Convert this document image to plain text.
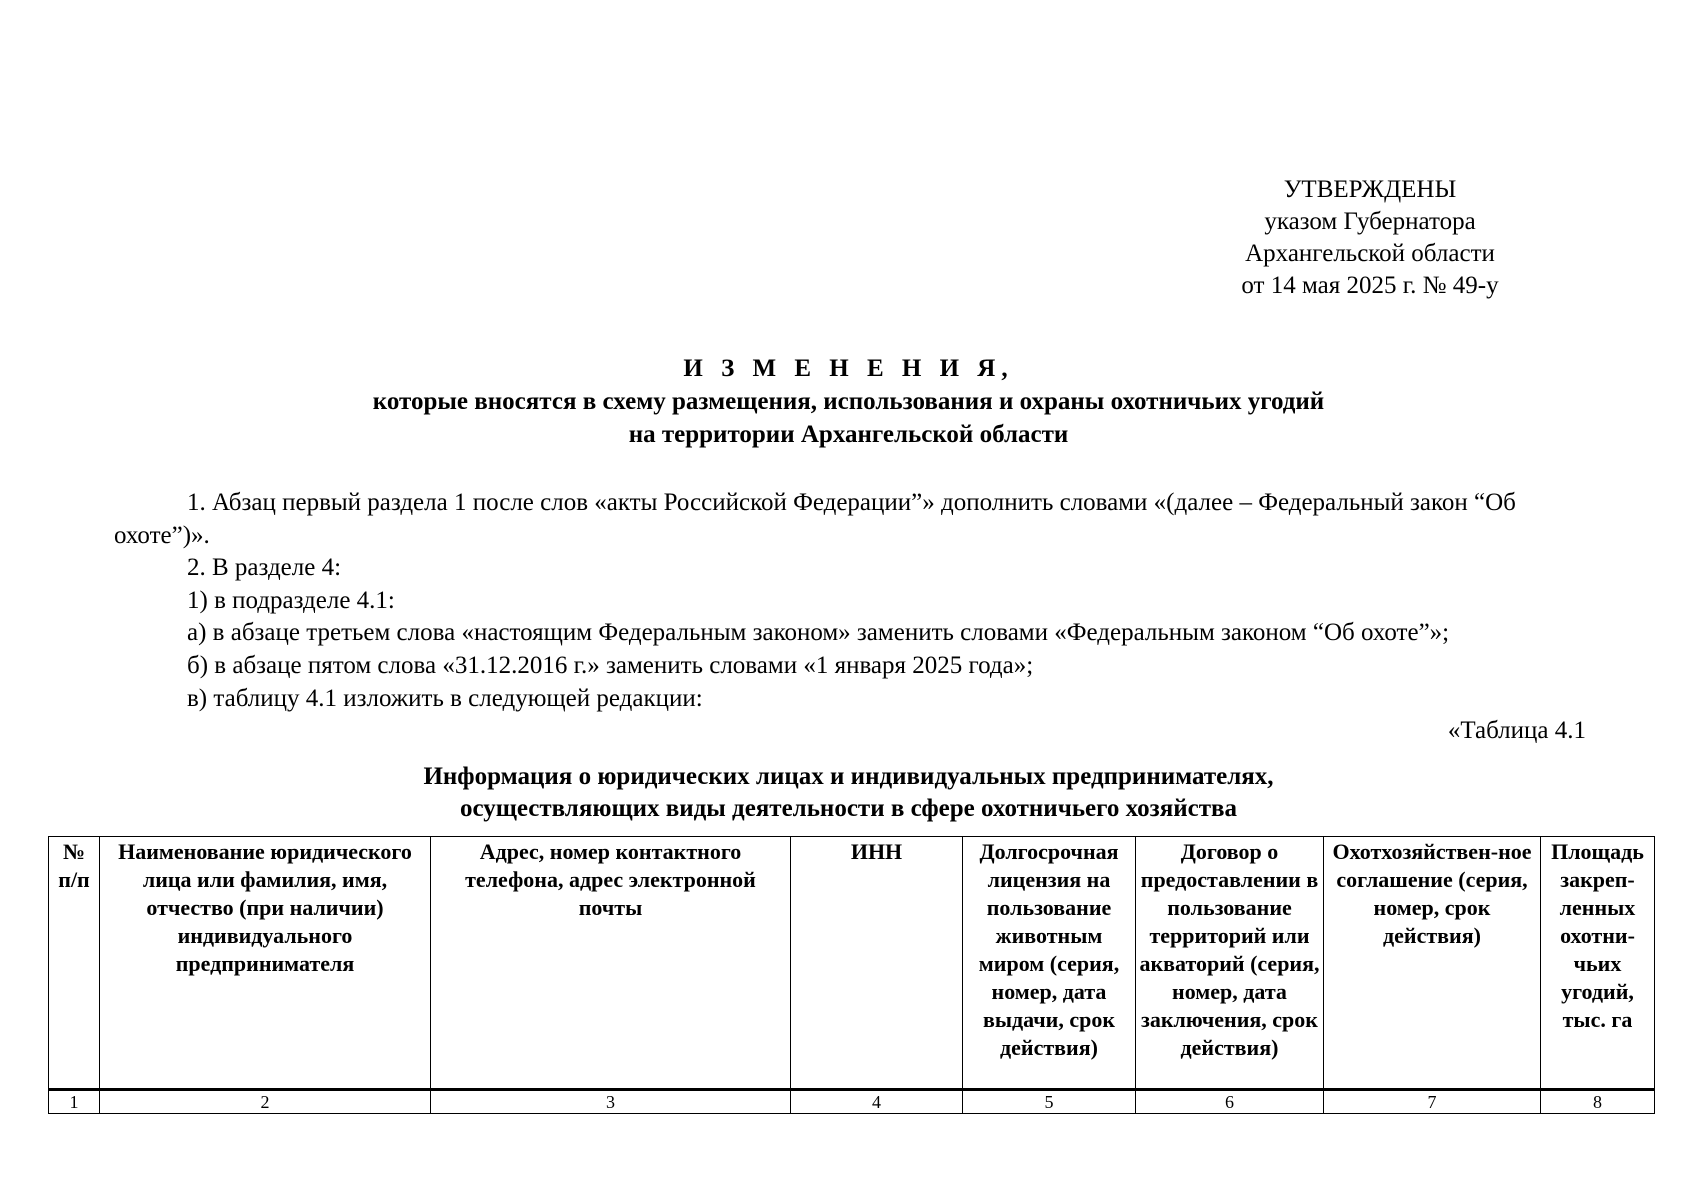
УТВЕРЖДЕНЫ
указом Губернатора
Архангельской области
от 14 мая 2025 г. № 49-у
И З М Е Н Е Н И Я,
которые вносятся в схему размещения, использования и охраны охотничьих угодий
на территории Архангельской области

1. Абзац первый раздела 1 после слов «акты Российской Федерации”» дополнить словами «(далее – Федеральный закон “Об охоте”)».

2. В разделе 4:

1) в подразделе 4.1:

а) в абзаце третьем слова «настоящим Федеральным законом» заменить словами «Федеральным законом “Об охоте”»;

б) в абзаце пятом слова «31.12.2016 г.» заменить словами «1 января 2025 года»;

в) таблицу 4.1 изложить в следующей редакции:

«Таблица 4.1

Информация о юридических лицах и индивидуальных предпринимателях,
осуществляющих виды деятельности в сфере охотничьего хозяйства
№ п/п	Наименование юридического лица или фамилия, имя, отчество (при наличии) индивидуального предпринимателя	Адрес, номер контактного телефона, адрес электронной почты	ИНН	Долгосрочная лицензия на пользование животным миром (серия, номер, дата выдачи, срок действия)	Договор о предоставлении в пользование территорий или акваторий (серия, номер, дата заключения, срок действия)	Охотхозяйствен-ное соглашение (серия, номер, срок действия)	Площадь закреп-ленных охотни-чьих угодий, тыс. га
1	2	3	4	5	6	7	8
